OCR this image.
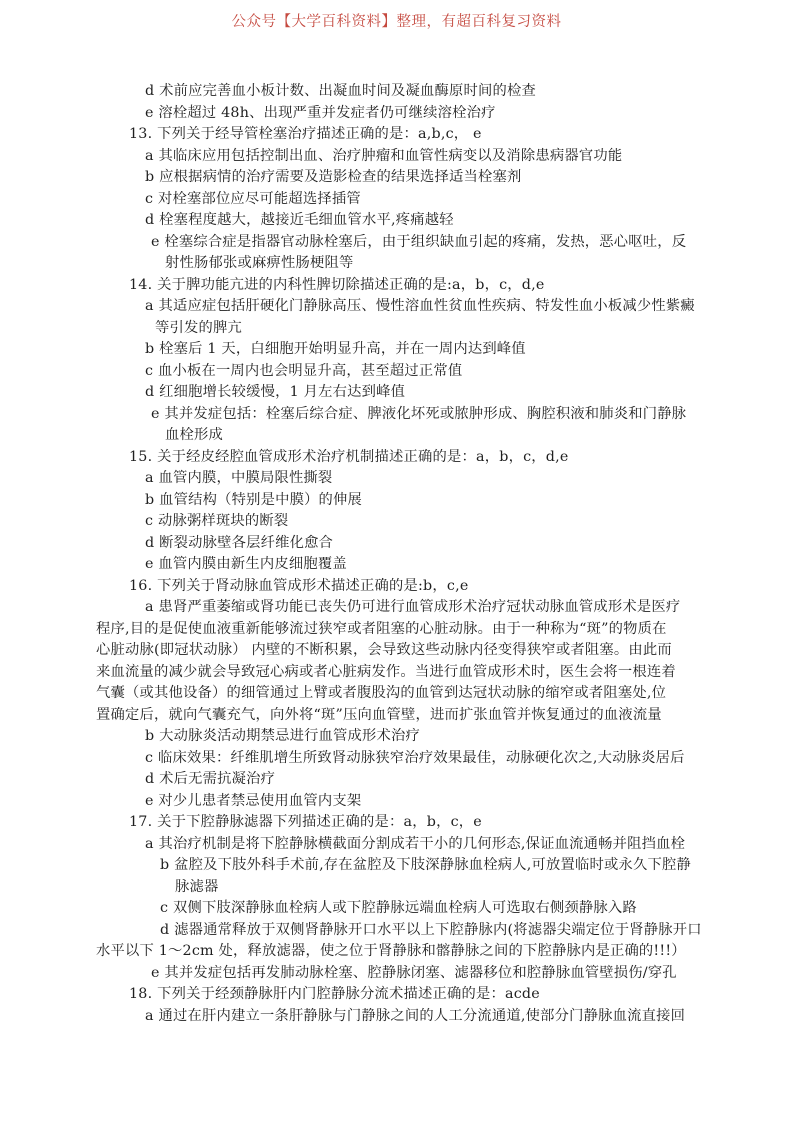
公众号【大学百科资料】整理，有超百科复习资料
d 术前应完善血小板计数、出凝血时间及凝血酶原时间的检查
e 溶栓超过 48h、出现严重并发症者仍可继续溶栓治疗
13. 下列关于经导管栓塞治疗描述正确的是：a,b,c， e
a 其临床应用包括控制出血、治疗肿瘤和血管性病变以及消除患病器官功能
b 应根据病情的治疗需要及造影检查的结果选择适当栓塞剂
c 对栓塞部位应尽可能超选择插管
d 栓塞程度越大，越接近毛细血管水平,疼痛越轻
e 栓塞综合症是指器官动脉栓塞后，由于组织缺血引起的疼痛，发热，恶心呕吐，反
射性肠郁张或麻痹性肠梗阻等
14. 关于脾功能亢进的内科性脾切除描述正确的是:a，b，c，d,e
a 其适应症包括肝硬化门静脉高压、慢性溶血性贫血性疾病、特发性血小板减少性紫癜
等引发的脾亢
b 栓塞后 1 天，白细胞开始明显升高，并在一周内达到峰值
c 血小板在一周内也会明显升高，甚至超过正常值
d 红细胞增长较缓慢，1 月左右达到峰值
e 其并发症包括：栓塞后综合症、脾液化坏死或脓肿形成、胸腔积液和肺炎和门静脉
血栓形成
15. 关于经皮经腔血管成形术治疗机制描述正确的是：a，b，c，d,e
a 血管内膜，中膜局限性撕裂
b 血管结构（特别是中膜）的伸展
c 动脉粥样斑块的断裂
d 断裂动脉壁各层纤维化愈合
e 血管内膜由新生内皮细胞覆盖
16. 下列关于肾动脉血管成形术描述正确的是:b，c,e
a 患肾严重萎缩或肾功能已丧失仍可进行血管成形术治疗冠状动脉血管成形术是医疗
程序,目的是促使血液重新能够流过狭窄或者阻塞的心脏动脉。由于一种称为“斑”的物质在
心脏动脉(即冠状动脉） 内壁的不断积累，会导致这些动脉内径变得狭窄或者阻塞。由此而
来血流量的减少就会导致冠心病或者心脏病发作。当进行血管成形术时，医生会将一根连着
气囊（或其他设备）的细管通过上臂或者腹股沟的血管到达冠状动脉的缩窄或者阻塞处,位
置确定后，就向气囊充气，向外将“斑”压向血管壁，进而扩张血管并恢复通过的血液流量
b 大动脉炎活动期禁忌进行血管成形术治疗
c 临床效果：纤维肌增生所致肾动脉狭窄治疗效果最佳，动脉硬化次之,大动脉炎居后
d 术后无需抗凝治疗
e 对少儿患者禁忌使用血管内支架
17. 关于下腔静脉滤器下列描述正确的是：a，b，c，e
a 其治疗机制是将下腔静脉横截面分割成若干小的几何形态,保证血流通畅并阻挡血栓
b 盆腔及下肢外科手术前,存在盆腔及下肢深静脉血栓病人,可放置临时或永久下腔静
脉滤器
c 双侧下肢深静脉血栓病人或下腔静脉远端血栓病人可选取右侧颈静脉入路
d 滤器通常释放于双侧肾静脉开口水平以上下腔静脉内(将滤器尖端定位于肾静脉开口
水平以下 1～2cm 处，释放滤器，使之位于肾静脉和髂静脉之间的下腔静脉内是正确的!!!）
e 其并发症包括再发肺动脉栓塞、腔静脉闭塞、滤器移位和腔静脉血管壁损伤/穿孔
18. 下列关于经颈静脉肝内门腔静脉分流术描述正确的是：acde
a 通过在肝内建立一条肝静脉与门静脉之间的人工分流通道,使部分门静脉血流直接回
